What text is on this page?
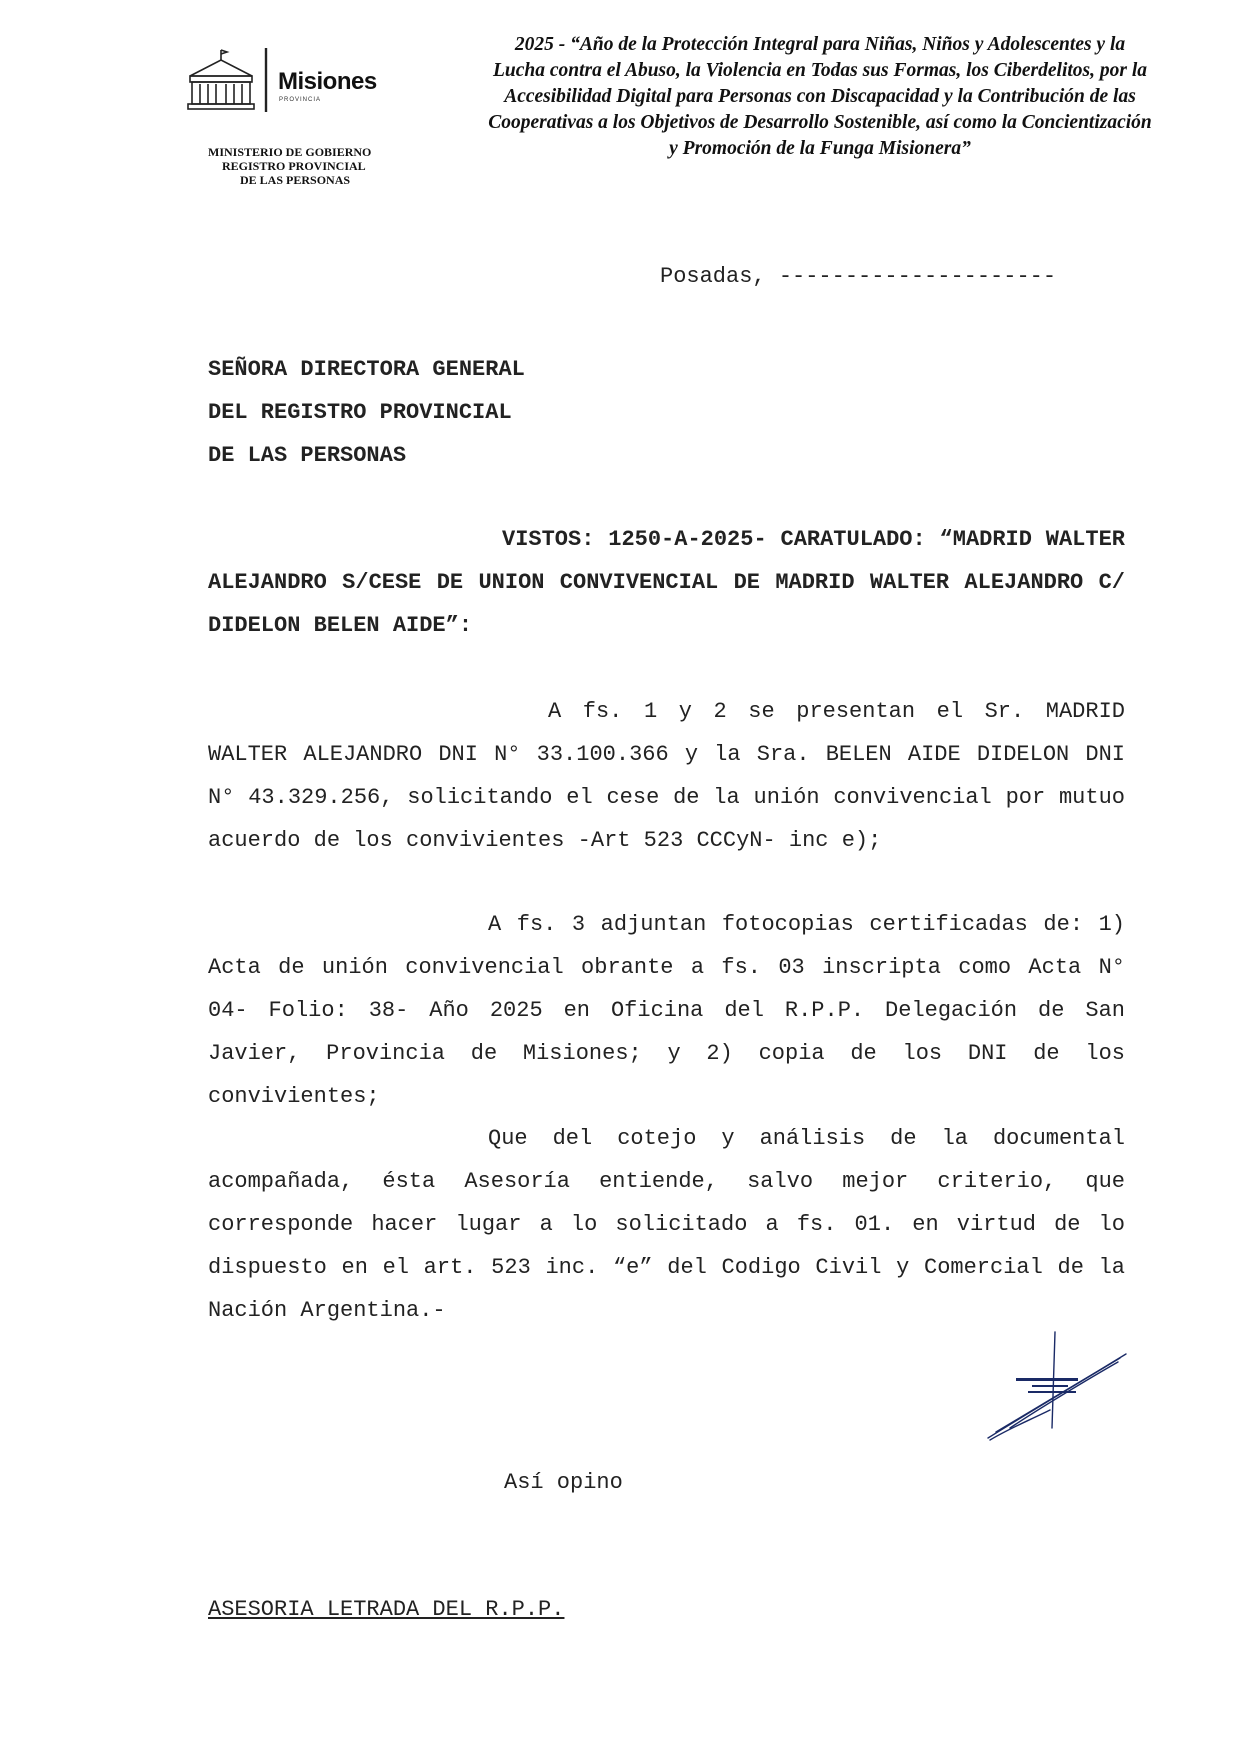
Misiones
PROVINCIA
MINISTERIO DE GOBIERNO
REGISTRO PROVINCIAL
DE LAS PERSONAS
2025 - “Año de la Protección Integral para Niñas, Niños y Adolescentes y la
Lucha contra el Abuso, la Violencia en Todas sus Formas, los Ciberdelitos, por la
Accesibilidad Digital para Personas con Discapacidad y la Contribución de las
Cooperativas a los Objetivos de Desarrollo Sostenible, así como la Concientización
y Promoción de la Funga Misionera”
Posadas, ---------------------
SEÑORA DIRECTORA GENERAL
DEL REGISTRO PROVINCIAL
DE LAS PERSONAS
VISTOS: 1250-A-2025- CARATULADO: “MADRID WALTER ALEJANDRO S/CESE DE UNION CONVIVENCIAL DE MADRID WALTER ALEJANDRO C/ DIDELON BELEN AIDE”:
A fs. 1 y 2 se presentan el Sr. MADRID WALTER ALEJANDRO DNI N° 33.100.366 y la Sra. BELEN AIDE DIDELON DNI N° 43.329.256, solicitando el cese de la unión convivencial por mutuo acuerdo de los convivientes -Art 523 CCCyN- inc e);
A fs. 3 adjuntan fotocopias certificadas de: 1) Acta de unión convivencial obrante a fs. 03 inscripta como Acta N° 04- Folio: 38- Año 2025 en Oficina del R.P.P. Delegación de San Javier, Provincia de Misiones; y 2) copia de los DNI de los convivientes;
Que del cotejo y análisis de la documental acompañada, ésta Asesoría entiende, salvo mejor criterio, que corresponde hacer lugar a lo solicitado a fs. 01. en virtud de lo dispuesto en el art. 523 inc. “e” del Codigo Civil y Comercial de la Nación Argentina.-
Así opino
ASESORIA LETRADA DEL R.P.P.
